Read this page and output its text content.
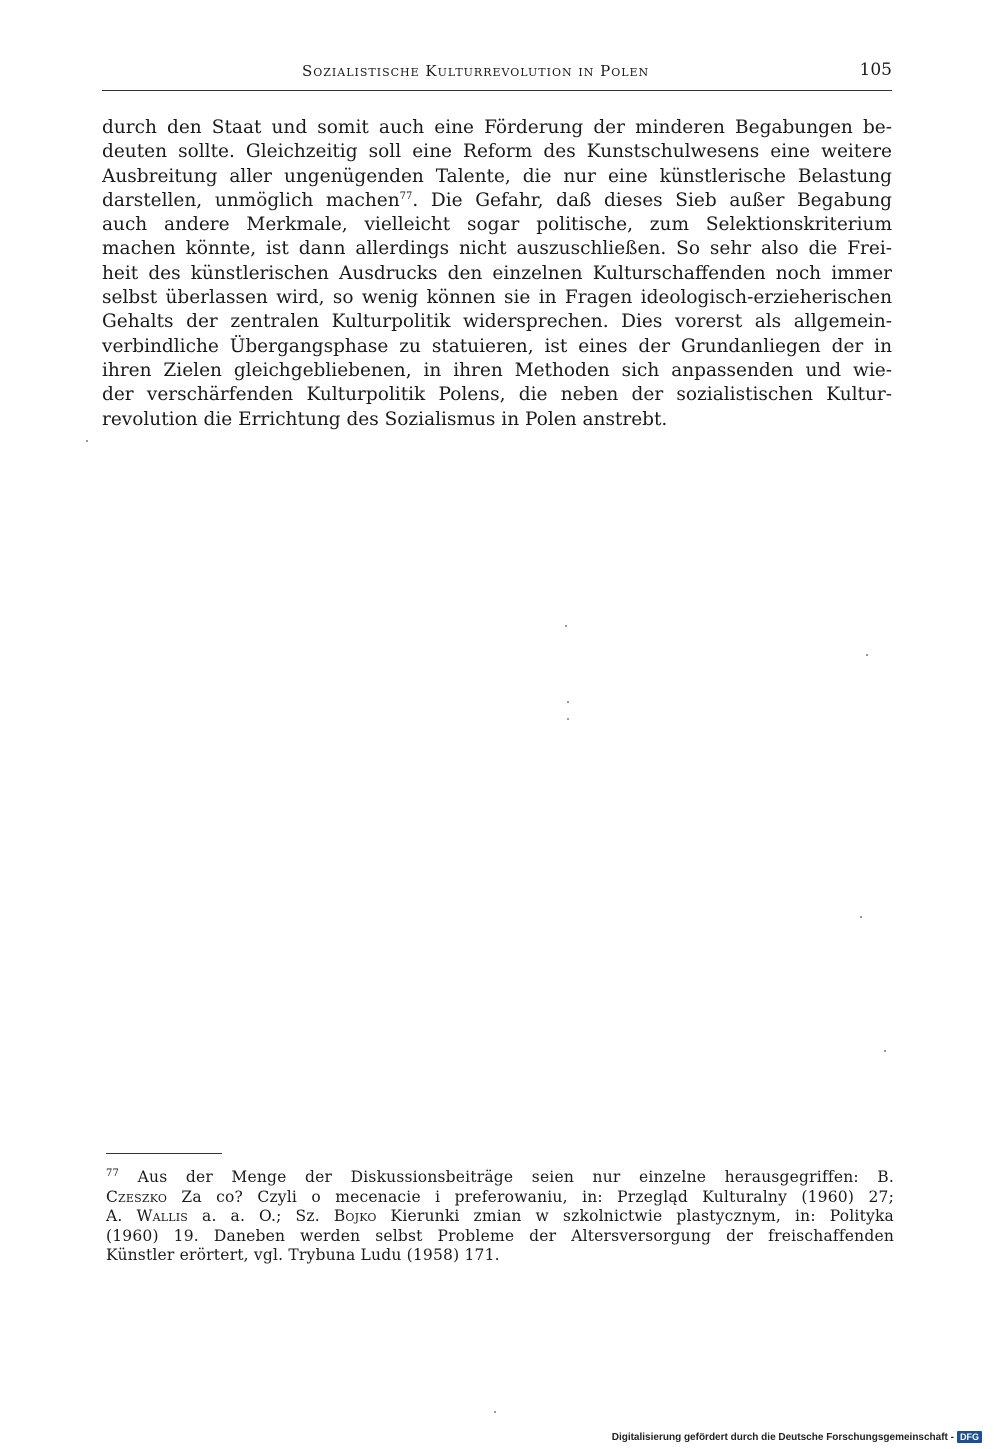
Sozialistische Kulturrevolution in Polen	105
durch den Staat und somit auch eine Förderung der minderen Begabungen be-
deuten sollte. Gleichzeitig soll eine Reform des Kunstschulwesens eine weitere
Ausbreitung aller ungenügenden Talente, die nur eine künstlerische Belastung
darstellen, unmöglich machen$^{77}$. Die Gefahr, daß dieses Sieb außer Begabung
auch andere Merkmale, vielleicht sogar politische, zum Selektionskriterium
machen könnte, ist dann allerdings nicht auszuschließen. So sehr also die Frei-
heit des künstlerischen Ausdrucks den einzelnen Kulturschaffenden noch immer
selbst überlassen wird, so wenig können sie in Fragen ideologisch-erzieherischen
Gehalts der zentralen Kulturpolitik widersprechen. Dies vorerst als allgemein-
verbindliche Übergangsphase zu statuieren, ist eines der Grundanliegen der in
ihren Zielen gleichgebliebenen, in ihren Methoden sich anpassenden und wie-
der verschärfenden Kulturpolitik Polens, die neben der sozialistischen Kultur-
revolution die Errichtung des Sozialismus in Polen anstrebt.
$^{77}$ Aus der Menge der Diskussionsbeiträge seien nur einzelne herausgegriffen: B.
Czeszko Za co? Czyli o mecenacie i preferowaniu, in: Przegląd Kulturalny (1960) 27;
A. Wallis a. a. O.; Sz. Bojko Kierunki zmian w szkolnictwie plastycznym, in: Polityka
(1960) 19. Daneben werden selbst Probleme der Altersversorgung der freischaffenden
Künstler erörtert, vgl. Trybuna Ludu (1958) 171.
Digitalisierung gefördert durch die Deutsche Forschungsgemeinschaft - DFG
